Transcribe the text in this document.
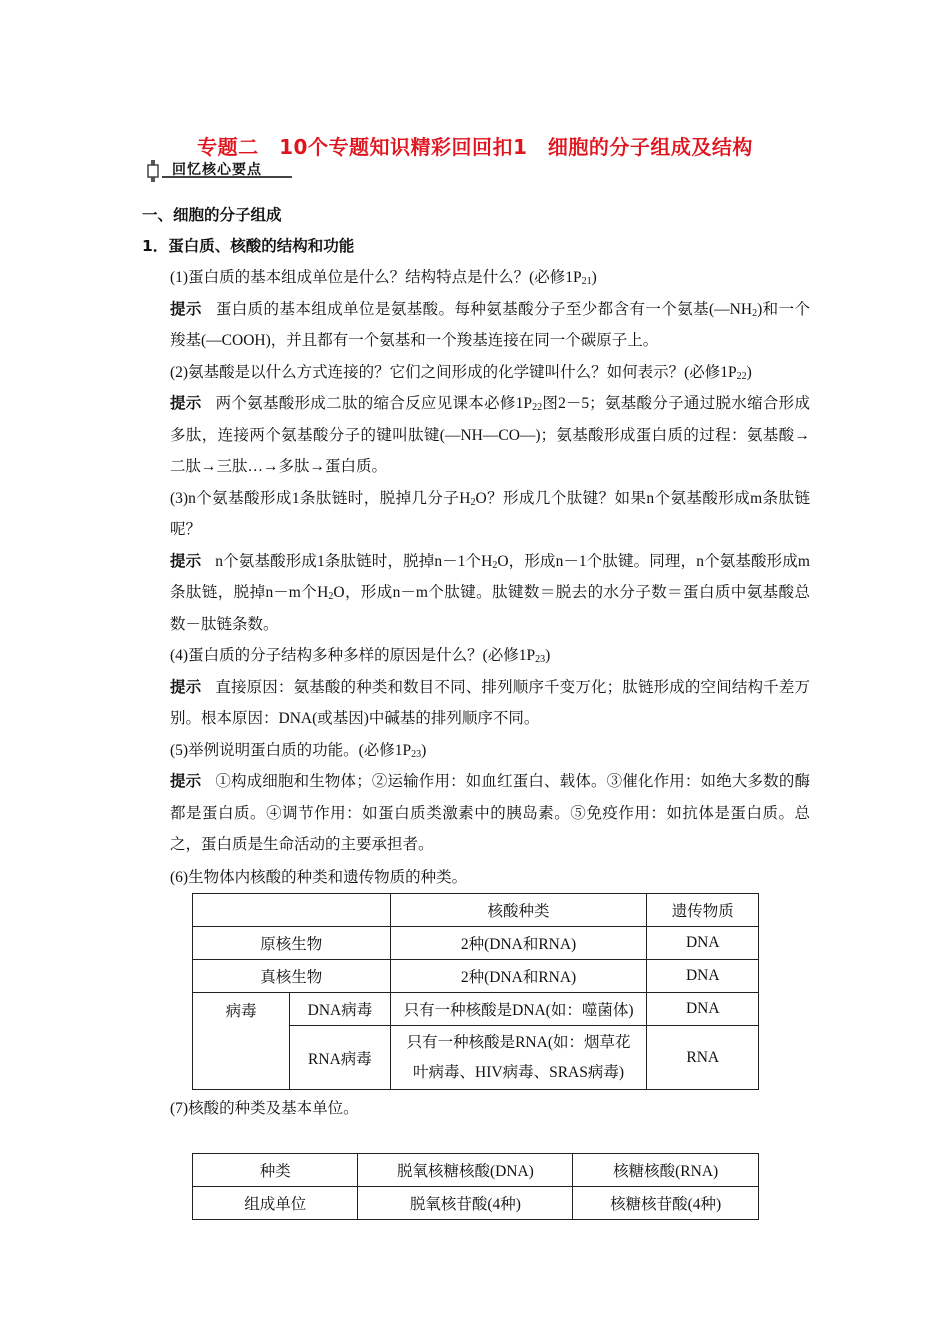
专题二　10个专题知识精彩回回扣1　细胞的分子组成及结构
回忆核心要点
一、细胞的分子组成
1．蛋白质、核酸的结构和功能

(1)蛋白质的基本组成单位是什么？结构特点是什么？(必修$1P_{21}$)

提示 蛋白质的基本组成单位是氨基酸。每种氨基酸分子至少都含有一个氨基$(—NH_2)$和一个羧基(—COOH)，并且都有一个氨基和一个羧基连接在同一个碳原子上。

(2)氨基酸是以什么方式连接的？它们之间形成的化学键叫什么？如何表示？(必修$1P_{22}$)

提示 两个氨基酸形成二肽的缩合反应见课本必修$1P_{22}$图2－5；氨基酸分子通过脱水缩合形成多肽，连接两个氨基酸分子的键叫肽键(—NH—CO—)；氨基酸形成蛋白质的过程：氨基酸→二肽→三肽…→多肽→蛋白质。

(3)n个氨基酸形成1条肽链时，脱掉几分子$H_2O$？形成几个肽键？如果n个氨基酸形成m条肽链呢？

提示 n个氨基酸形成1条肽链时，脱掉n－1个$H_2O$，形成n－1个肽键。同理，n个氨基酸形成m条肽链，脱掉n－m个$H_2O$，形成n－m个肽键。肽键数＝脱去的水分子数＝蛋白质中氨基酸总数－肽链条数。

(4)蛋白质的分子结构多种多样的原因是什么？(必修$1P_{23}$)

提示 直接原因：氨基酸的种类和数目不同、排列顺序千变万化；肽链形成的空间结构千差万别。根本原因：DNA(或基因)中碱基的排列顺序不同。

(5)举例说明蛋白质的功能。(必修$1P_{23}$)

提示 ①构成细胞和生物体；②运输作用：如血红蛋白、载体。③催化作用：如绝大多数的酶都是蛋白质。④调节作用：如蛋白质类激素中的胰岛素。⑤免疫作用：如抗体是蛋白质。总之，蛋白质是生命活动的主要承担者。

(6)生物体内核酸的种类和遗传物质的种类。
		核酸种类	遗传物质
原核生物		2种(DNA和RNA)	DNA
真核生物		2种(DNA和RNA)	DNA
病毒	DNA病毒	只有一种核酸是DNA(如：噬菌体)	DNA
	RNA病毒	只有一种核酸是RNA(如：烟草花
叶病毒、HIV病毒、SRAS病毒)	RNA
(7)核酸的种类及基本单位。
种类	脱氧核糖核酸(DNA)	核糖核酸(RNA)
组成单位	脱氧核苷酸(4种)	核糖核苷酸(4种)
